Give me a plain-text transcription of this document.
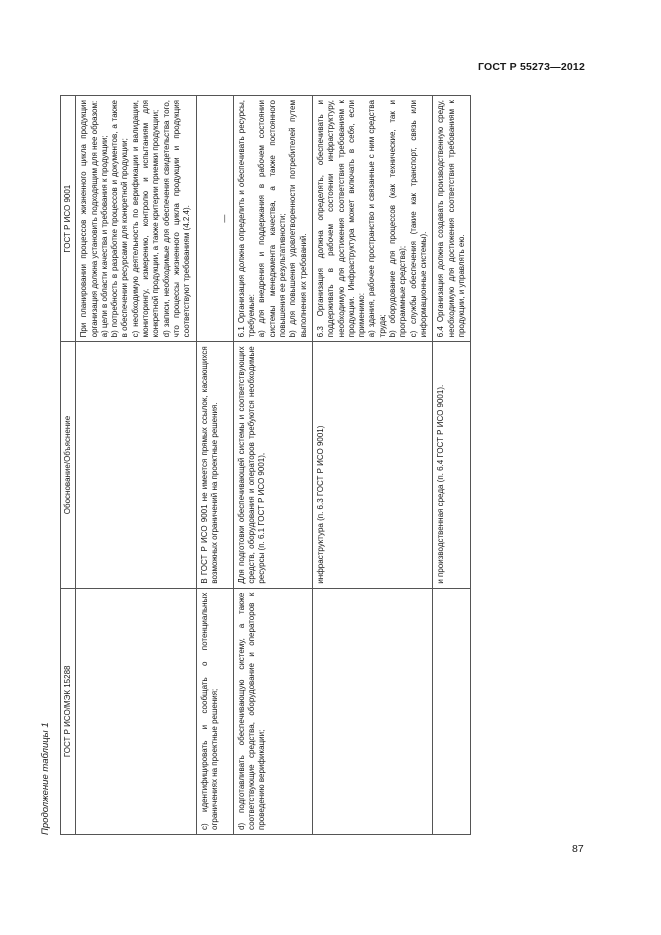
ГОСТ Р 55273—2012
Продолжение таблицы 1
ГОСТ Р ИСО/МЭК 15288	Обоснование/Объяснение	ГОСТ Р ИСО 9001

		При планировании процессов жизненного цикла продукции организация должна установить подходящим для нее образом: a) цели в области качества и требования к продукции; b) потребность в разработке процессов и документов, а также в обеспечении ресурсами для конкретной продукции; c) необходимую деятельность по верификации и валидации, мониторингу, измерению, контролю и испытаниям для конкретной продукции, а также критерии приемки продукции; d) записи, необходимые для обеспечения свидетельства того, что процессы жизненного цикла продукции и продукция соответствуют требованиям (4.2.4).

c) идентифицировать и сообщать о потенциальных ограничениях на проектные решения;	В ГОСТ Р ИСО 9001 не имеется прямых ссылок, касающихся возможных ограничений на проектные решения.	—

d) подготавливать обеспечивающую систему, а также соответствующие средства, оборудование и операторов к проведению верификации;	Для подготовки обеспечивающей системы и соответствующих средств, оборудования и операторов требуются необходимые ресурсы (п. 6.1 ГОСТ Р ИСО 9001),	6.1 Организация должна определить и обеспечивать ресурсы, требуемые: a) для внедрения и поддержания в рабочем состоянии системы менеджмента качества, а также постоянного повышения ее результативности; b) для повышения удовлетворенности потребителей путем выполнения их требований.

	инфраструктура (п. 6.3 ГОСТ Р ИСО 9001)	6.3 Организация должна определять, обеспечивать и поддерживать в рабочем состоянии инфраструктуру, необходимую для достижения соответствия требованиям к продукции. Инфраструктура может включать в себя, если применимо: a) здания, рабочее пространство и связанные с ним средства труда; b) оборудование для процессов (как технические, так и программные средства); c) службы обеспечения (такие как транспорт, связь или информационные системы).

	и производственная среда (п. 6.4 ГОСТ Р ИСО 9001).	6.4 Организация должна создавать производственную среду, необходимую для достижения соответствия требованиям к продукции, и управлять ею.
87
